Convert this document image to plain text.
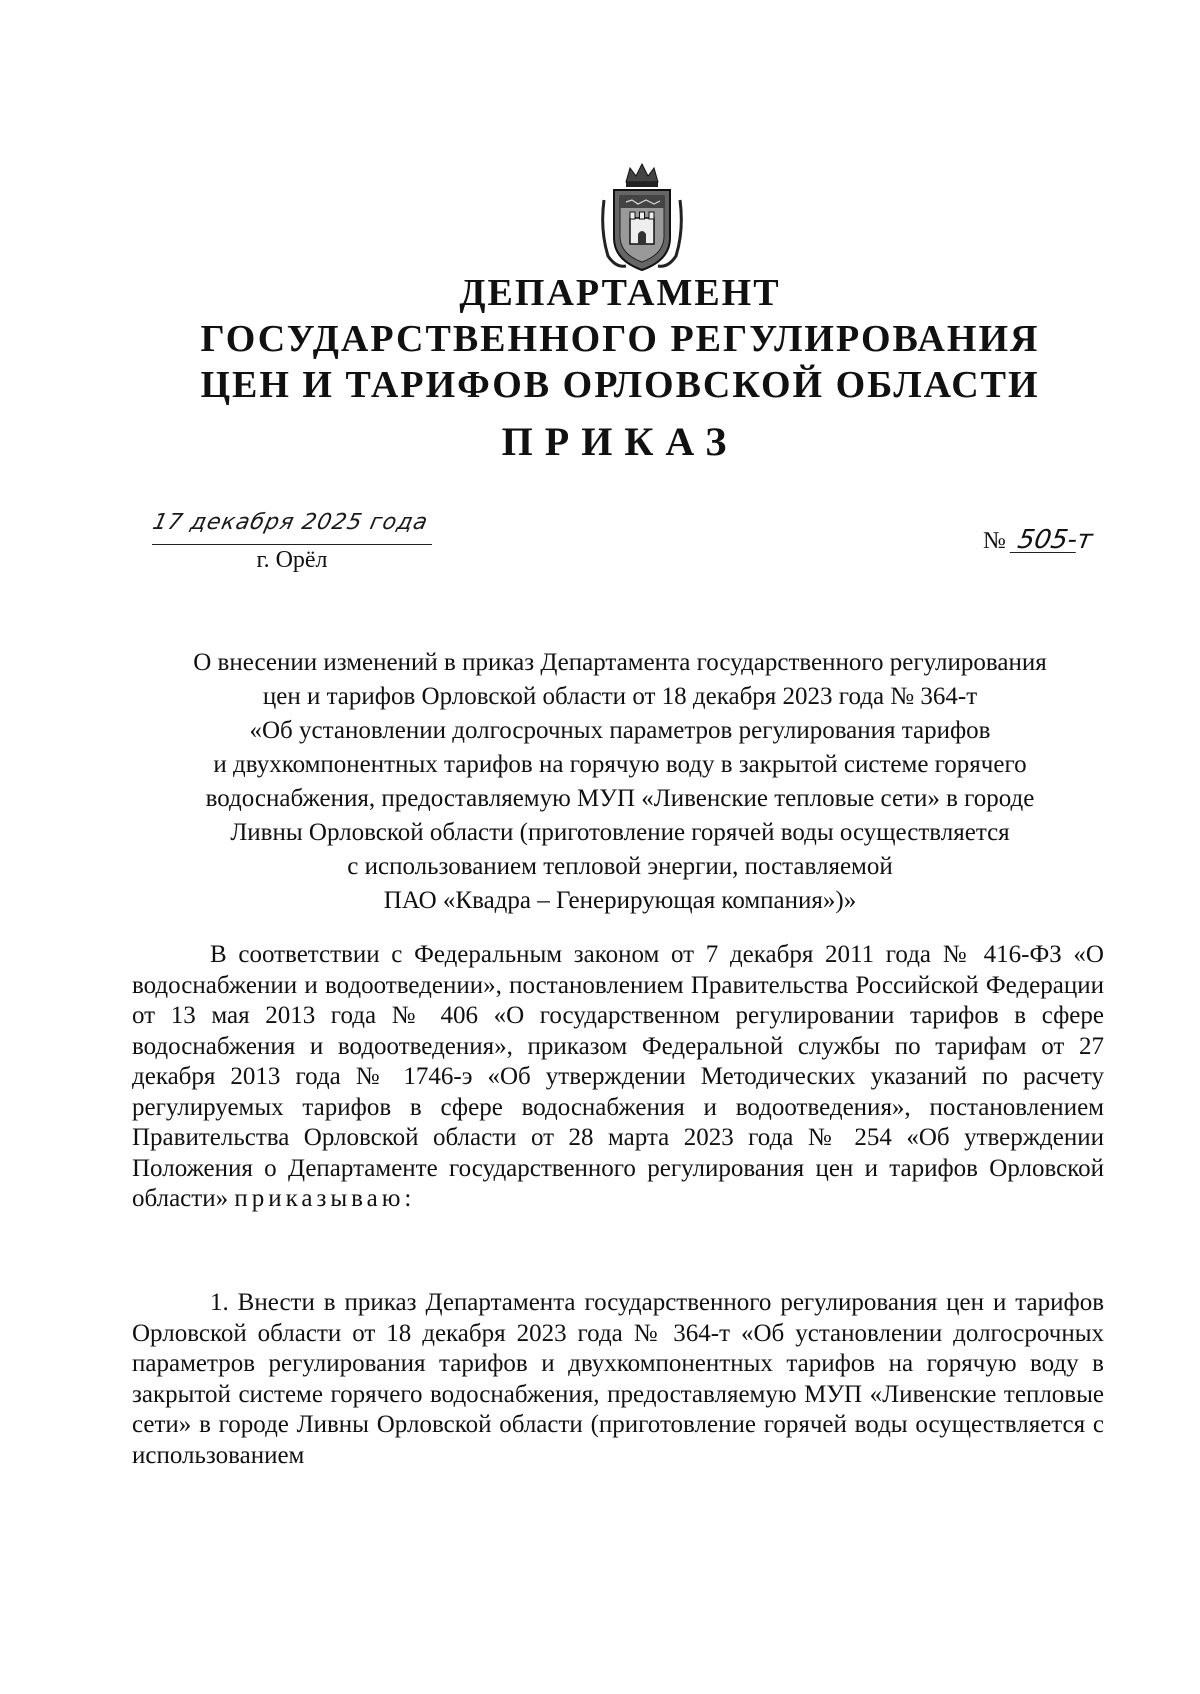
ДЕПАРТАМЕНТ
ГОСУДАРСТВЕННОГО РЕГУЛИРОВАНИЯ
ЦЕН И ТАРИФОВ ОРЛОВСКОЙ ОБЛАСТИ
ПРИКАЗ
17 декабря 2025 года
г. Орёл
№ 505-т

О внесении изменений в приказ Департамента государственного регулирования
цен и тарифов Орловской области от 18 декабря 2023 года № 364-т
«Об установлении долгосрочных параметров регулирования тарифов
и двухкомпонентных тарифов на горячую воду в закрытой системе горячего
водоснабжения, предоставляемую МУП «Ливенские тепловые сети» в городе
Ливны Орловской области (приготовление горячей воды осуществляется
с использованием тепловой энергии, поставляемой
ПАО «Квадра – Генерирующая компания»)»

В соответствии с Федеральным законом от 7 декабря 2011 года № 416-ФЗ «О водоснабжении и водоотведении», постановлением Правительства Российской Федерации от 13 мая 2013 года № 406 «О государственном регулировании тарифов в сфере водоснабжения и водоотведения», приказом Федеральной службы по тарифам от 27 декабря 2013 года № 1746-э «Об утверждении Методических указаний по расчету регулируемых тарифов в сфере водоснабжения и водоотведения», постановлением Правительства Орловской области от 28 марта 2023 года № 254 «Об утверждении Положения о Департаменте государственного регулирования цен и тарифов Орловской области» приказываю:

1. Внести в приказ Департамента государственного регулирования цен и тарифов Орловской области от 18 декабря 2023 года № 364-т «Об установлении долгосрочных параметров регулирования тарифов и двухкомпонентных тарифов на горячую воду в закрытой системе горячего водоснабжения, предоставляемую МУП «Ливенские тепловые сети» в городе Ливны Орловской области (приготовление горячей воды осуществляется с использованием
